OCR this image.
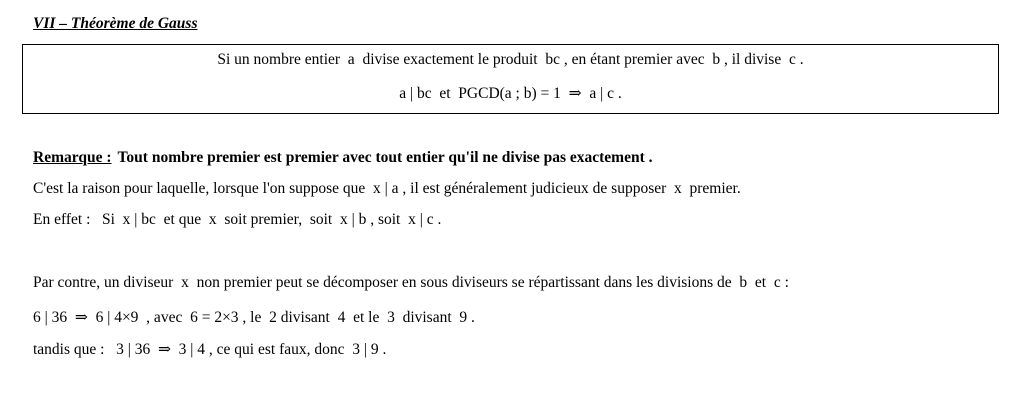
VII – Théorème de Gauss
Si un nombre entier  a  divise exactement le produit  bc , en étant premier avec  b , il divise  c .
a | bc  et  PGCD(a ; b) = 1  ⇒  a | c .
Remarque : Tout nombre premier est premier avec tout entier qu'il ne divise pas exactement .
C'est la raison pour laquelle, lorsque l'on suppose que  x | a , il est généralement judicieux de supposer  x  premier.
En effet :   Si  x | bc  et que  x  soit premier,  soit  x | b , soit  x | c .
Par contre, un diviseur  x  non premier peut se décomposer en sous diviseurs se répartissant dans les divisions de  b  et  c :
6 | 36  ⇒  6 | 4×9  , avec  6 = 2×3 , le  2 divisant  4  et le  3  divisant  9 .
tandis que :   3 | 36  ⇒  3 | 4 , ce qui est faux, donc  3 | 9 .
